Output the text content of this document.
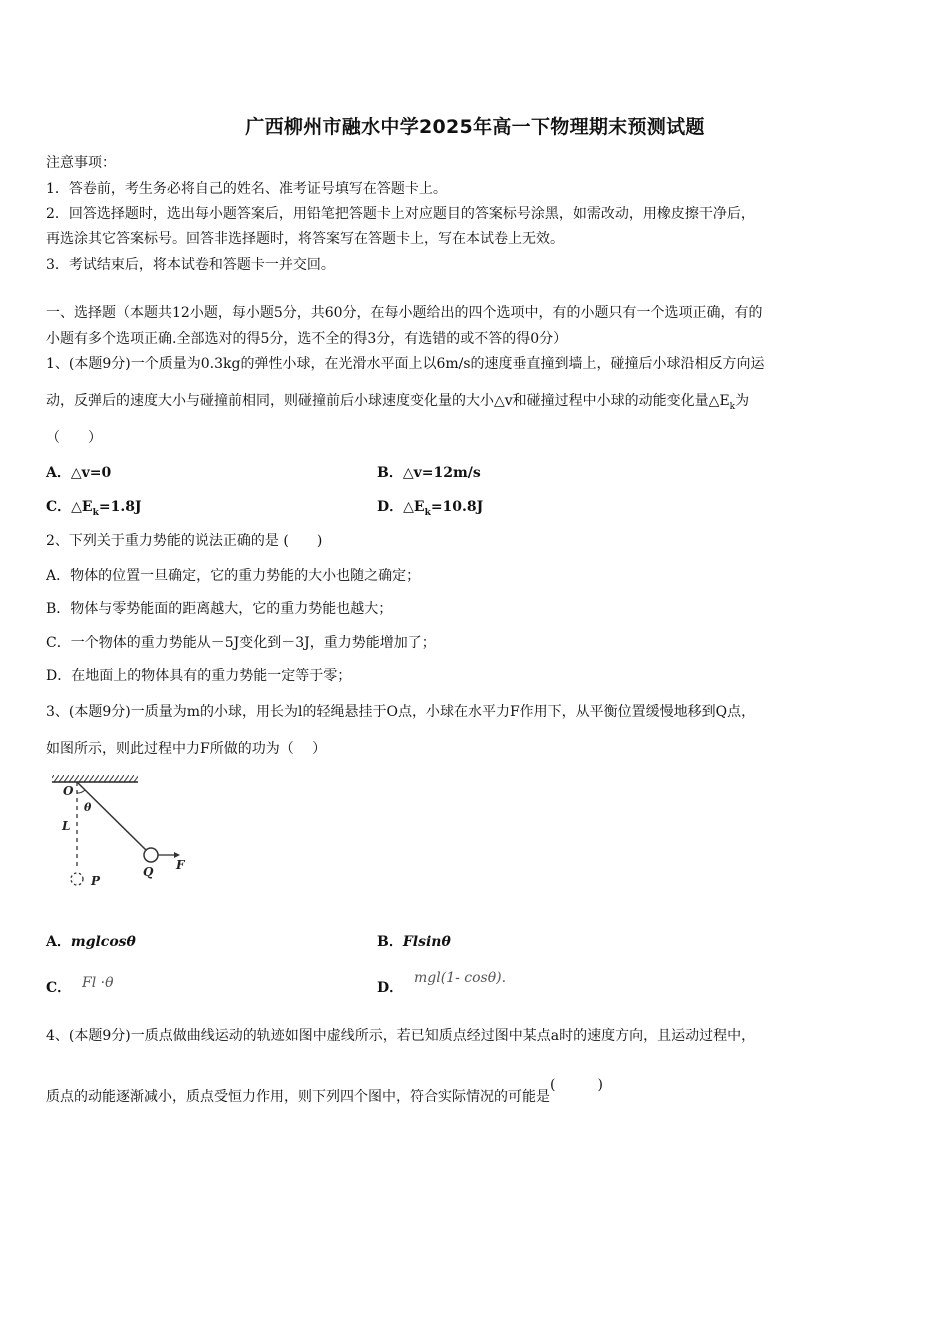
广西柳州市融水中学2025年高一下物理期末预测试题
注意事项：
1．答卷前，考生务必将自己的姓名、准考证号填写在答题卡上。
2．回答选择题时，选出每小题答案后，用铅笔把答题卡上对应题目的答案标号涂黑，如需改动，用橡皮擦干净后，
再选涂其它答案标号。回答非选择题时，将答案写在答题卡上，写在本试卷上无效。
3．考试结束后，将本试卷和答题卡一并交回。
一、选择题（本题共12小题，每小题5分，共60分，在每小题给出的四个选项中，有的小题只有一个选项正确，有的
小题有多个选项正确.全部选对的得5分，选不全的得3分，有选错的或不答的得0分）
1、(本题9分)一个质量为0.3kg的弹性小球，在光滑水平面上以6m/s的速度垂直撞到墙上，碰撞后小球沿相反方向运
动，反弹后的速度大小与碰撞前相同，则碰撞前后小球速度变化量的大小△v和碰撞过程中小球的动能变化量$\triangle E_k$为
（　　）
A．△v=0	B．△v=12m/s
C．$\triangle E_k=1.8J$	D．$\triangle E_k=10.8J$
2、下列关于重力势能的说法正确的是 (　　)
A．物体的位置一旦确定，它的重力势能的大小也随之确定；
B．物体与零势能面的距离越大，它的重力势能也越大；
C．一个物体的重力势能从－5J变化到－3J，重力势能增加了；
D．在地面上的物体具有的重力势能一定等于零；
3、(本题9分)一质量为m的小球，用长为l的轻绳悬挂于O点，小球在水平力F作用下，从平衡位置缓慢地移到Q点，
如图所示，则此过程中力F所做的功为（　 ）
O
θ
L
P
Q F
A．mglcosθ	B．Flsinθ
C． Fl ·θ	D． mgl(1- cosθ).
4、(本题9分)一质点做曲线运动的轨迹如图中虚线所示，若已知质点经过图中某点a时的速度方向，且运动过程中，
质点的动能逐渐减小，质点受恒力作用，则下列四个图中，符合实际情况的可能是(　　　)
